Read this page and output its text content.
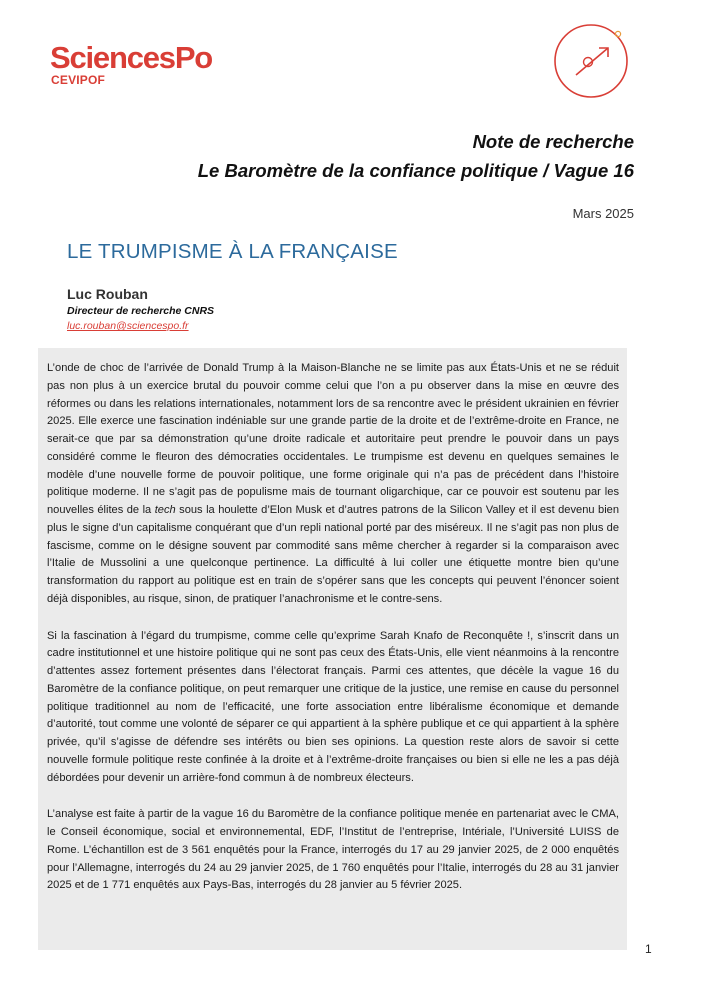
SciencesPo
CEVIPOF
Note de recherche
Le Baromètre de la confiance politique / Vague 16
Mars 2025
LE TRUMPISME À LA FRANÇAISE
Luc Rouban
Directeur de recherche CNRS
luc.rouban@sciencespo.fr

L’onde de choc de l’arrivée de Donald Trump à la Maison-Blanche ne se limite pas aux États-Unis et ne se réduit pas non plus à un exercice brutal du pouvoir comme celui que l’on a pu observer dans la mise en œuvre des réformes ou dans les relations internationales, notamment lors de sa rencontre avec le président ukrainien en février 2025. Elle exerce une fascination indéniable sur une grande partie de la droite et de l’extrême-droite en France, ne serait-ce que par sa démonstration qu’une droite radicale et autoritaire peut prendre le pouvoir dans un pays considéré comme le fleuron des démocraties occidentales. Le trumpisme est devenu en quelques semaines le modèle d’une nouvelle forme de pouvoir politique, une forme originale qui n’a pas de précédent dans l’histoire politique moderne. Il ne s’agit pas de populisme mais de tournant oligarchique, car ce pouvoir est soutenu par les nouvelles élites de la tech sous la houlette d’Elon Musk et d’autres patrons de la Silicon Valley et il est devenu bien plus le signe d’un capitalisme conquérant que d’un repli national porté par des miséreux. Il ne s’agit pas non plus de fascisme, comme on le désigne souvent par commodité sans même chercher à regarder si la comparaison avec l’Italie de Mussolini a une quelconque pertinence. La difficulté à lui coller une étiquette montre bien qu’une transformation du rapport au politique est en train de s’opérer sans que les concepts qui peuvent l’énoncer soient déjà disponibles, au risque, sinon, de pratiquer l’anachronisme et le contre-sens.

Si la fascination à l’égard du trumpisme, comme celle qu’exprime Sarah Knafo de Reconquête !, s’inscrit dans un cadre institutionnel et une histoire politique qui ne sont pas ceux des États-Unis, elle vient néanmoins à la rencontre d’attentes assez fortement présentes dans l’électorat français. Parmi ces attentes, que décèle la vague 16 du Baromètre de la confiance politique, on peut remarquer une critique de la justice, une remise en cause du personnel politique traditionnel au nom de l’efficacité, une forte association entre libéralisme économique et demande d’autorité, tout comme une volonté de séparer ce qui appartient à la sphère publique et ce qui appartient à la sphère privée, qu’il s’agisse de défendre ses intérêts ou bien ses opinions. La question reste alors de savoir si cette nouvelle formule politique reste confinée à la droite et à l’extrême-droite françaises ou bien si elle ne les a pas déjà débordées pour devenir un arrière-fond commun à de nombreux électeurs.

L’analyse est faite à partir de la vague 16 du Baromètre de la confiance politique menée en partenariat avec le CMA, le Conseil économique, social et environnemental, EDF, l’Institut de l’entreprise, Intériale, l’Université LUISS de Rome. L’échantillon est de 3 561 enquêtés pour la France, interrogés du 17 au 29 janvier 2025, de 2 000 enquêtés pour l’Allemagne, interrogés du 24 au 29 janvier 2025, de 1 760 enquêtés pour l’Italie, interrogés du 28 au 31 janvier 2025 et de 1 771 enquêtés aux Pays-Bas, interrogés du 28 janvier au 5 février 2025.

1
